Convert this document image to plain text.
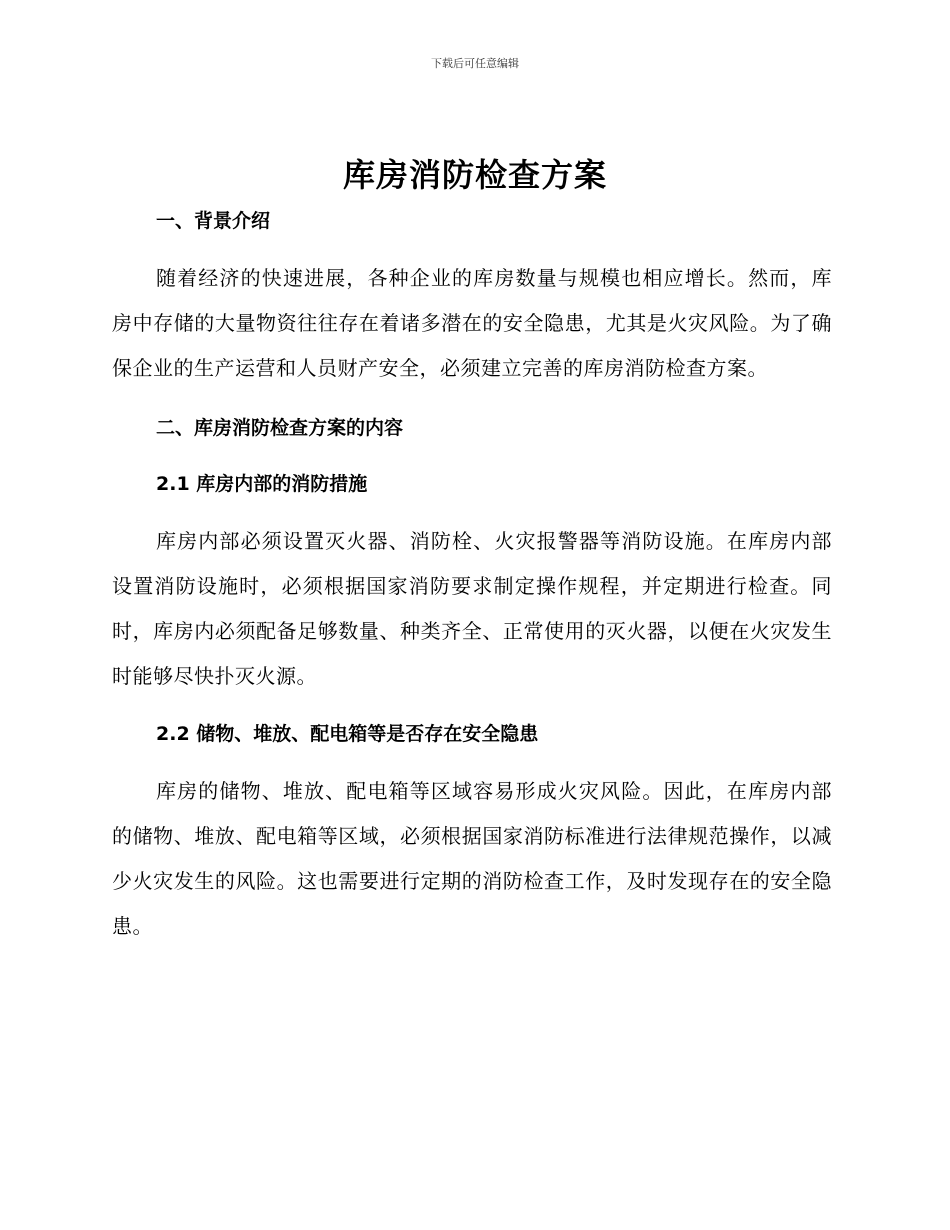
下载后可任意编辑
库房消防检查方案

一、背景介绍

随着经济的快速进展，各种企业的库房数量与规模也相应增长。然而，库房中存储的大量物资往往存在着诸多潜在的安全隐患，尤其是火灾风险。为了确保企业的生产运营和人员财产安全，必须建立完善的库房消防检查方案。

二、库房消防检查方案的内容

2.1 库房内部的消防措施

库房内部必须设置灭火器、消防栓、火灾报警器等消防设施。在库房内部设置消防设施时，必须根据国家消防要求制定操作规程，并定期进行检查。同时，库房内必须配备足够数量、种类齐全、正常使用的灭火器，以便在火灾发生时能够尽快扑灭火源。

2.2 储物、堆放、配电箱等是否存在安全隐患

库房的储物、堆放、配电箱等区域容易形成火灾风险。因此，在库房内部的储物、堆放、配电箱等区域，必须根据国家消防标准进行法律规范操作，以减少火灾发生的风险。这也需要进行定期的消防检查工作，及时发现存在的安全隐患。
